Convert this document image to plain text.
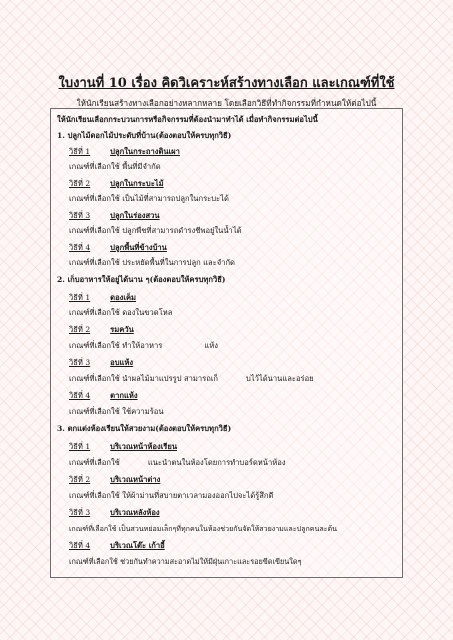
ใบงานที่ 10 เรื่อง คิดวิเคราะห์สร้างทางเลือก และเกณฑ์ที่ใช้
ให้นักเรียนสร้างทางเลือกอย่างหลากหลาย โดยเลือกวิธีที่ทำกิจกรรมที่กำหนดให้ต่อไปนี้
ให้นักเรียนเลือกกระบวนการหรือกิจกรรมที่ต้องนำมาทำได้ เมื่อทำกิจกรรมต่อไปนี้
1. ปลูกไม้ดอกไม้ประดับที่บ้าน(ต้องตอบให้ครบทุกวิธี)
วิธีที่ 1	ปลูกในกระถางดินเผา
เกณฑ์ที่เลือกใช้ พื้นที่มีจำกัด
วิธีที่ 2	ปลูกในกระบะไม้
เกณฑ์ที่เลือกใช้ เป็นไม้ที่สามารถปลูกในกระบะได้
วิธีที่ 3	ปลูกในร่องสวน
เกณฑ์ที่เลือกใช้ ปลูกพืชที่สามารถดำรงชีพอยู่ในน้ำได้
วิธีที่ 4	ปลูกพื้นที่ข้างบ้าน
เกณฑ์ที่เลือกใช้ ประหยัดพื้นที่ในการปลูก และจำกัด
2. เก็บอาหารให้อยู่ได้นาน ๆ(ต้องตอบให้ครบทุกวิธี)
วิธีที่ 1	ดองเค็ม
เกณฑ์ที่เลือกใช้ ดองในขวดโหล
วิธีที่ 2	รมควัน
เกณฑ์ที่เลือกใช้ ทำให้อาหาร	แห้ง
วิธีที่ 3	อบแห้ง
เกณฑ์ที่เลือกใช้ นำผลไม้มาแปรรูป สามารถเก็	บไว้ได้นานและอร่อย
วิธีที่ 4	ตากแห้ง
เกณฑ์ที่เลือกใช้ ใช้ความร้อน
3. ตกแต่งห้องเรียนให้สวยงาม(ต้องตอบให้ครบทุกวิธี)
วิธีที่ 1	บริเวณหน้าห้องเรียน
เกณฑ์ที่เลือกใช้	แนะนำตนในห้องโดยการทำบอร์ดหน้าห้อง
วิธีที่ 2	บริเวณหน้าต่าง
เกณฑ์ที่เลือกใช้ ให้ผ้าม่านที่สบายตาเวลามองออกไปจะได้รู้สึกดี
วิธีที่ 3	บริเวณหลังห้อง
เกณฑ์ที่เลือกใช้ เป็นสวนหย่อมเล็กๆที่ทุกคนในห้องช่วยกันจัดให้สวยงามและปลูกคนละต้น
วิธีที่ 4	บริเวณโต๊ะ เก้าอี้
เกณฑ์ที่เลือกใช้ ช่วยกันทำความสะอาดไม่ให้มีฝุ่นเกาะและรอยขีดเขียนใดๆ
